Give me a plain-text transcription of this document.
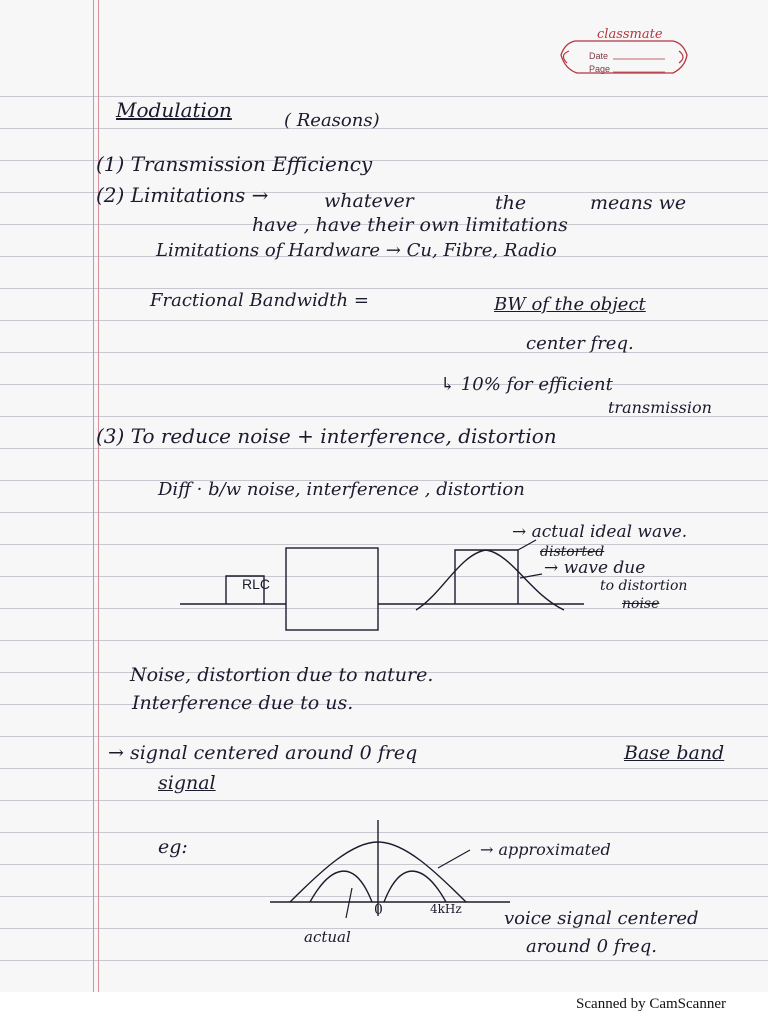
classmate
Date
Page
Modulation	( Reasons)
(1) Transmission Efficiency
(2) Limitations →	whatever	the	means we
have , have their own limitations
Limitations of Hardware → Cu, Fibre, Radio
Fractional Bandwidth =	BW of the object
center freq.
↳ 10% for efficient
transmission
(3) To reduce noise + interference, distortion
Diff · b/w noise, interference , distortion
RLC
→ actual ideal wave.
distorted
→ wave due
to distortion
noise
Noise, distortion due to nature.
Interference due to us.
→ signal centered around 0 freq	Base band
signal
eg:	→ approximated
0	4kHz
actual
voice signal centered
around 0 freq.
Scanned by CamScanner
